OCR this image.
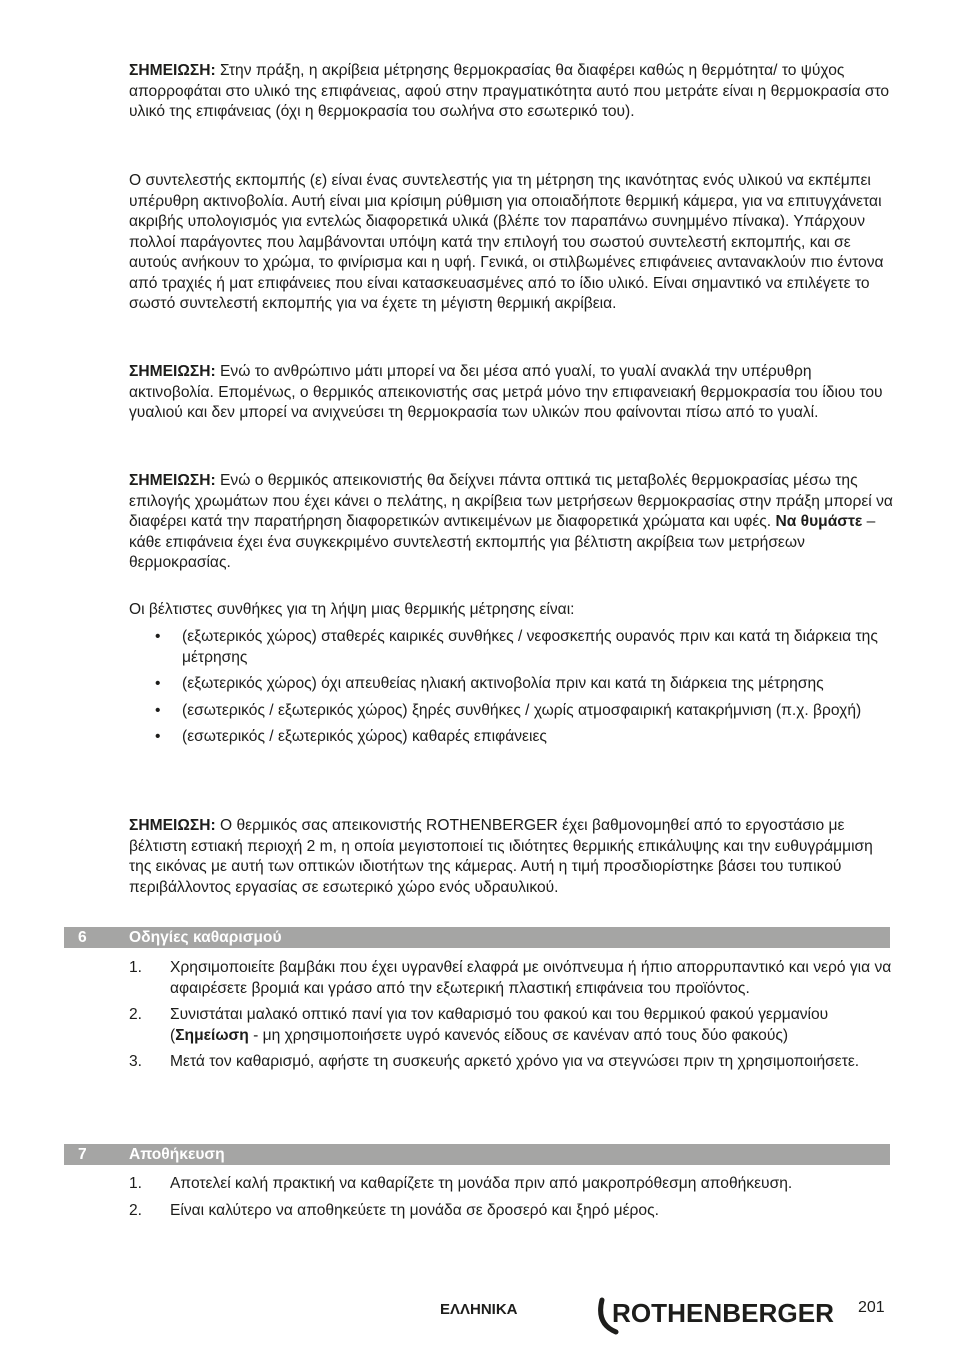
ΣΗΜΕΙΩΣΗ: Στην πράξη, η ακρίβεια μέτρησης θερμοκρασίας θα διαφέρει καθώς η θερμότητα/ το ψύχος απορροφάται στο υλικό της επιφάνειας, αφού στην πραγματικότητα αυτό που μετράτε είναι η θερμοκρασία στο υλικό της επιφάνειας (όχι η θερμοκρασία του σωλήνα στο εσωτερικό του).

Ο συντελεστής εκπομπής (ε) είναι ένας συντελεστής για τη μέτρηση της ικανότητας ενός υλικού να εκπέμπει υπέρυθρη ακτινοβολία. Αυτή είναι μια κρίσιμη ρύθμιση για οποιαδήποτε θερμική κάμερα, για να επιτυγχάνεται ακριβής υπολογισμός για εντελώς διαφορετικά υλικά (βλέπε τον παραπάνω συνημμένο πίνακα). Υπάρχουν πολλοί παράγοντες που λαμβάνονται υπόψη κατά την επιλογή του σωστού συντελεστή εκπομπής, και σε αυτούς ανήκουν το χρώμα, το φινίρισμα και η υφή. Γενικά, οι στιλβωμένες επιφάνειες αντανακλούν πιο έντονα από τραχιές ή ματ επιφάνειες που είναι κατασκευασμένες από το ίδιο υλικό. Είναι σημαντικό να επιλέγετε το σωστό συντελεστή εκπομπής για να έχετε τη μέγιστη θερμική ακρίβεια.

ΣΗΜΕΙΩΣΗ: Ενώ το ανθρώπινο μάτι μπορεί να δει μέσα από γυαλί, το γυαλί ανακλά την υπέρυθρη ακτινοβολία. Επομένως, ο θερμικός απεικονιστής σας μετρά μόνο την επιφανειακή θερμοκρασία του ίδιου του γυαλιού και δεν μπορεί να ανιχνεύσει τη θερμοκρασία των υλικών που φαίνονται πίσω από το γυαλί.

ΣΗΜΕΙΩΣΗ: Ενώ ο θερμικός απεικονιστής θα δείχνει πάντα οπτικά τις μεταβολές θερμοκρασίας μέσω της επιλογής χρωμάτων που έχει κάνει ο πελάτης, η ακρίβεια των μετρήσεων θερμοκρασίας στην πράξη μπορεί να διαφέρει κατά την παρατήρηση διαφορετικών αντικειμένων με διαφορετικά χρώματα και υφές. Να θυμάστε – κάθε επιφάνεια έχει ένα συγκεκριμένο συντελεστή εκπομπής για βέλτιστη ακρίβεια των μετρήσεων θερμοκρασίας.

Οι βέλτιστες συνθήκες για τη λήψη μιας θερμικής μέτρησης είναι:

• (εξωτερικός χώρος) σταθερές καιρικές συνθήκες / νεφοσκεπής ουρανός πριν και κατά τη διάρκεια της μέτρησης
• (εξωτερικός χώρος) όχι απευθείας ηλιακή ακτινοβολία πριν και κατά τη διάρκεια της μέτρησης
• (εσωτερικός / εξωτερικός χώρος) ξηρές συνθήκες / χωρίς ατμοσφαιρική κατακρήμνιση (π.χ. βροχή)
• (εσωτερικός / εξωτερικός χώρος) καθαρές επιφάνειες

ΣΗΜΕΙΩΣΗ: Ο θερμικός σας απεικονιστής ROTHENBERGER έχει βαθμονομηθεί από το εργοστάσιο με βέλτιστη εστιακή περιοχή 2 m, η οποία μεγιστοποιεί τις ιδιότητες θερμικής επικάλυψης και την ευθυγράμμιση της εικόνας με αυτή των οπτικών ιδιοτήτων της κάμερας. Αυτή η τιμή προσδιορίστηκε βάσει του τυπικού περιβάλλοντος εργασίας σε εσωτερικό χώρο ενός υδραυλικού.

6	Οδηγίες καθαρισμού
1. Χρησιμοποιείτε βαμβάκι που έχει υγρανθεί ελαφρά με οινόπνευμα ή ήπιο απορρυπαντικό και νερό για να αφαιρέσετε βρομιά και γράσο από την εξωτερική πλαστική επιφάνεια του προϊόντος.
2. Συνιστάται μαλακό οπτικό πανί για τον καθαρισμό του φακού και του θερμικού φακού γερμανίου (Σημείωση - μη χρησιμοποιήσετε υγρό κανενός είδους σε κανέναν από τους δύο φακούς)
3. Μετά τον καθαρισμό, αφήστε τη συσκευής αρκετό χρόνο για να στεγνώσει πριν τη χρησιμοποιήσετε.
7	Αποθήκευση
1. Αποτελεί καλή πρακτική να καθαρίζετε τη μονάδα πριν από μακροπρόθεσμη αποθήκευση.
2. Είναι καλύτερο να αποθηκεύετε τη μονάδα σε δροσερό και ξηρό μέρος.
ΕΛΛΗΝΙΚΑ	ROTHENBERGER 201
